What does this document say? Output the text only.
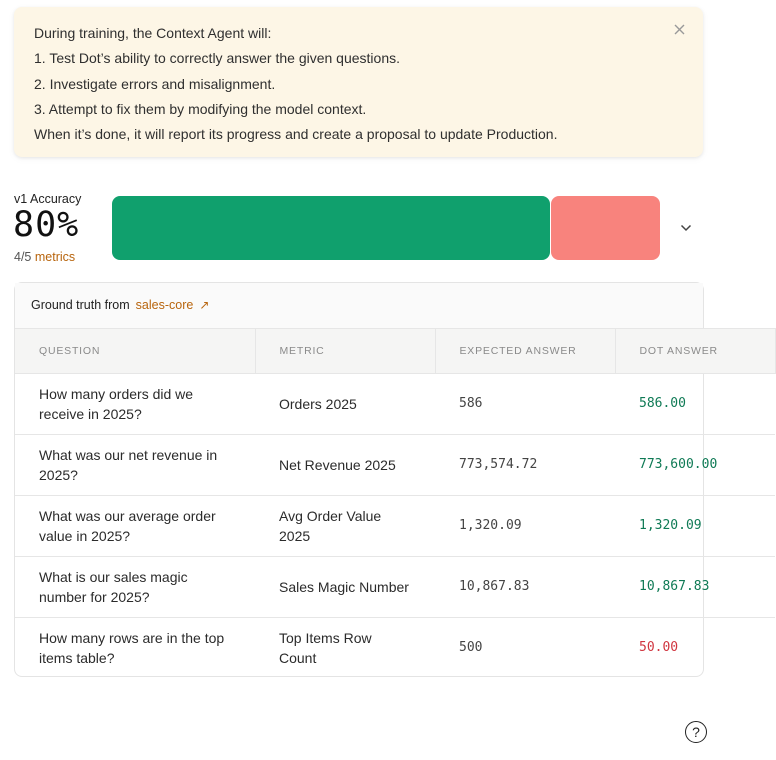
During training, the Context Agent will:
1. Test Dot’s ability to correctly answer the given questions.
2. Investigate errors and misalignment.
3. Attempt to fix them by modifying the model context.
When it’s done, it will report its progress and create a proposal to update Production.
v1 Accuracy
80%
4/5 metrics
Ground truth from sales-core ↗
QUESTION	METRIC	EXPECTED ANSWER	DOT ANSWER
How many orders did we receive in 2025?	Orders 2025	586	586.00
What was our net revenue in 2025?	Net Revenue 2025	773,574.72	773,600.00
What was our average order value in 2025?	Avg Order Value 2025	1,320.09	1,320.09
What is our sales magic number for 2025?	Sales Magic Number	10,867.83	10,867.83
How many rows are in the top items table?	Top Items Row Count	500	50.00
?
